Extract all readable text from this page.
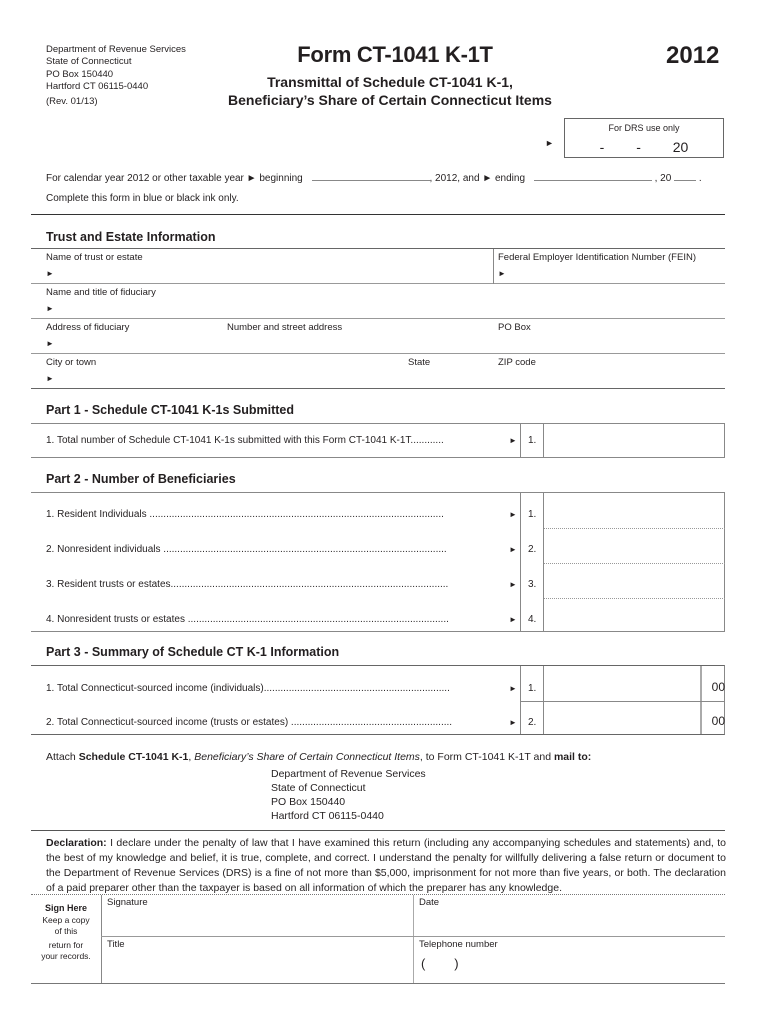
Department of Revenue Services
State of Connecticut
PO Box 150440
Hartford CT 06115-0440
(Rev. 01/13)
Form CT-1041 K-1T	2012
Transmittal of Schedule CT-1041 K-1,
Beneficiary’s Share of Certain Connecticut Items
►
For DRS use only
- - 20
For calendar year 2012 or other taxable year ► beginning	, 2012, and ► ending	, 20	.
Complete this form in blue or black ink only.
Trust and Estate Information
Name of trust or estate
►
Federal Employer Identification Number (FEIN)
►
Name and title of fiduciary
►
Address of fiduciary
►
Number and street address	PO Box
City or town
►
State	ZIP code
Part 1 - Schedule CT-1041 K-1s Submitted
1. Total number of Schedule CT-1041 K-1s submitted with this Form CT-1041 K-1T............	► 1.
Part 2 - Number of Beneficiaries
1. Resident Individuals ..........................................................................................................	► 1.
2. Nonresident individuals ......................................................................................................	► 2.
3. Resident trusts or estates....................................................................................................	► 3.
4. Nonresident trusts or estates ..............................................................................................	► 4.
Part 3 - Summary of Schedule CT K-1 Information
1. Total Connecticut-sourced income (individuals)...................................................................	► 1.	00
2. Total Connecticut-sourced income (trusts or estates) ..........................................................	► 2.	00
Attach Schedule CT-1041 K-1, Beneficiary’s Share of Certain Connecticut Items, to Form CT-1041 K-1T and mail to:
Department of Revenue Services
State of Connecticut
PO Box 150440
Hartford CT 06115-0440
Declaration: I declare under the penalty of law that I have examined this return (including any accompanying schedules and statements) and, to the best of my knowledge and belief, it is true, complete, and correct. I understand the penalty for willfully delivering a false return or document to the Department of Revenue Services (DRS) is a fine of not more than $5,000, imprisonment for not more than five years, or both. The declaration of a paid preparer other than the taxpayer is based on all information of which the preparer has any knowledge.
Sign Here
Keep a copy
of this
return for
your records.
Signature	Date
Title	Telephone number
(        )
